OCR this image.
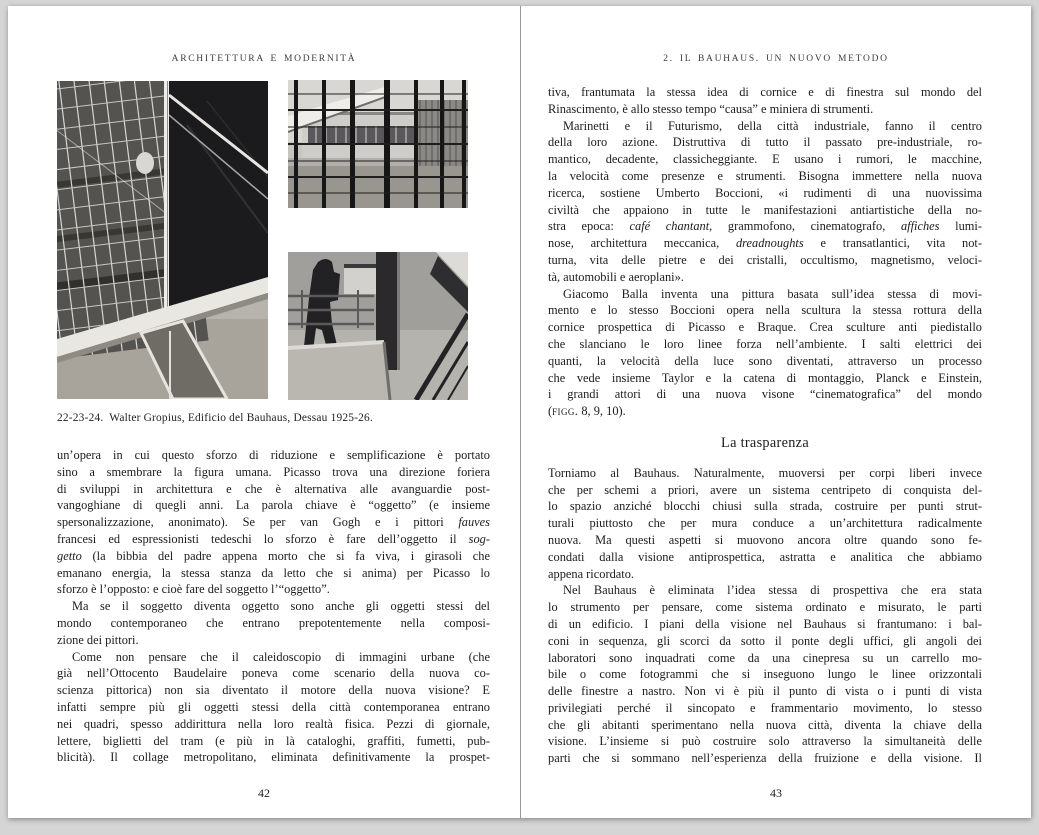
ARCHITETTURA E MODERNITÀ
22-23-24.  Walter Gropius, Edificio del Bauhaus, Dessau 1925-26.
un’opera in cui questo sforzo di riduzione e semplificazione è portato
sino a smembrare la figura umana. Picasso trova una direzione foriera
di sviluppi in architettura e che è alternativa alle avanguardie post-
vangoghiane di quegli anni. La parola chiave è “oggetto” (e insieme
spersonalizzazione, anonimato). Se per van Gogh e i pittori fauves
francesi ed espressionisti tedeschi lo sforzo è fare dell’oggetto il sog-
getto (la bibbia del padre appena morto che si fa viva, i girasoli che
emanano energia, la stessa stanza da letto che si anima) per Picasso lo
sforzo è l’opposto: e cioè fare del soggetto l’“oggetto”.
Ma se il soggetto diventa oggetto sono anche gli oggetti stessi del
mondo contemporaneo che entrano prepotentemente nella composi-
zione dei pittori.
Come non pensare che il caleidoscopio di immagini urbane (che
già nell’Ottocento Baudelaire poneva come scenario della nuova co-
scienza pittorica) non sia diventato il motore della nuova visione? E
infatti sempre più gli oggetti stessi della città contemporanea entrano
nei quadri, spesso addirittura nella loro realtà fisica. Pezzi di giornale,
lettere, biglietti del tram (e più in là cataloghi, graffiti, fumetti, pub-
blicità). Il collage metropolitano, eliminata definitivamente la prospet-
42
2. IL BAUHAUS. UN NUOVO METODO
tiva, frantumata la stessa idea di cornice e di finestra sul mondo del
Rinascimento, è allo stesso tempo “causa” e miniera di strumenti.
Marinetti e il Futurismo, della città industriale, fanno il centro
della loro azione. Distruttiva di tutto il passato pre-industriale, ro-
mantico, decadente, classicheggiante. E usano i rumori, le macchine,
la velocità come presenze e strumenti. Bisogna immettere nella nuova
ricerca, sostiene Umberto Boccioni, «i rudimenti di una nuovissima
civiltà che appaiono in tutte le manifestazioni antiartistiche della no-
stra epoca: café chantant, grammofono, cinematografo, affiches lumi-
nose, architettura meccanica, dreadnoughts e transatlantici, vita not-
turna, vita delle pietre e dei cristalli, occultismo, magnetismo, veloci-
tà, automobili e aeroplani».
Giacomo Balla inventa una pittura basata sull’idea stessa di movi-
mento e lo stesso Boccioni opera nella scultura la stessa rottura della
cornice prospettica di Picasso e Braque. Crea sculture anti piedistallo
che slanciano le loro linee forza nell’ambiente. I salti elettrici dei
quanti, la velocità della luce sono diventati, attraverso un processo
che vede insieme Taylor e la catena di montaggio, Planck e Einstein,
i grandi attori di una nuova visone “cinematografica” del mondo
(figg. 8, 9, 10).
La trasparenza
Torniamo al Bauhaus. Naturalmente, muoversi per corpi liberi invece
che per schemi a priori, avere un sistema centripeto di conquista del-
lo spazio anziché blocchi chiusi sulla strada, costruire per punti strut-
turali piuttosto che per mura conduce a un’architettura radicalmente
nuova. Ma questi aspetti si muovono ancora oltre quando sono fe-
condati dalla visione antiprospettica, astratta e analitica che abbiamo
appena ricordato.
Nel Bauhaus è eliminata l’idea stessa di prospettiva che era stata
lo strumento per pensare, come sistema ordinato e misurato, le parti
di un edificio. I piani della visione nel Bauhaus si frantumano: i bal-
coni in sequenza, gli scorci da sotto il ponte degli uffici, gli angoli dei
laboratori sono inquadrati come da una cinepresa su un carrello mo-
bile o come fotogrammi che si inseguono lungo le linee orizzontali
delle finestre a nastro. Non vi è più il punto di vista o i punti di vista
privilegiati perché il sincopato e frammentario movimento, lo stesso
che gli abitanti sperimentano nella nuova città, diventa la chiave della
visione. L’insieme si può costruire solo attraverso la simultaneità delle
parti che si sommano nell’esperienza della fruizione e della visione. Il
43
